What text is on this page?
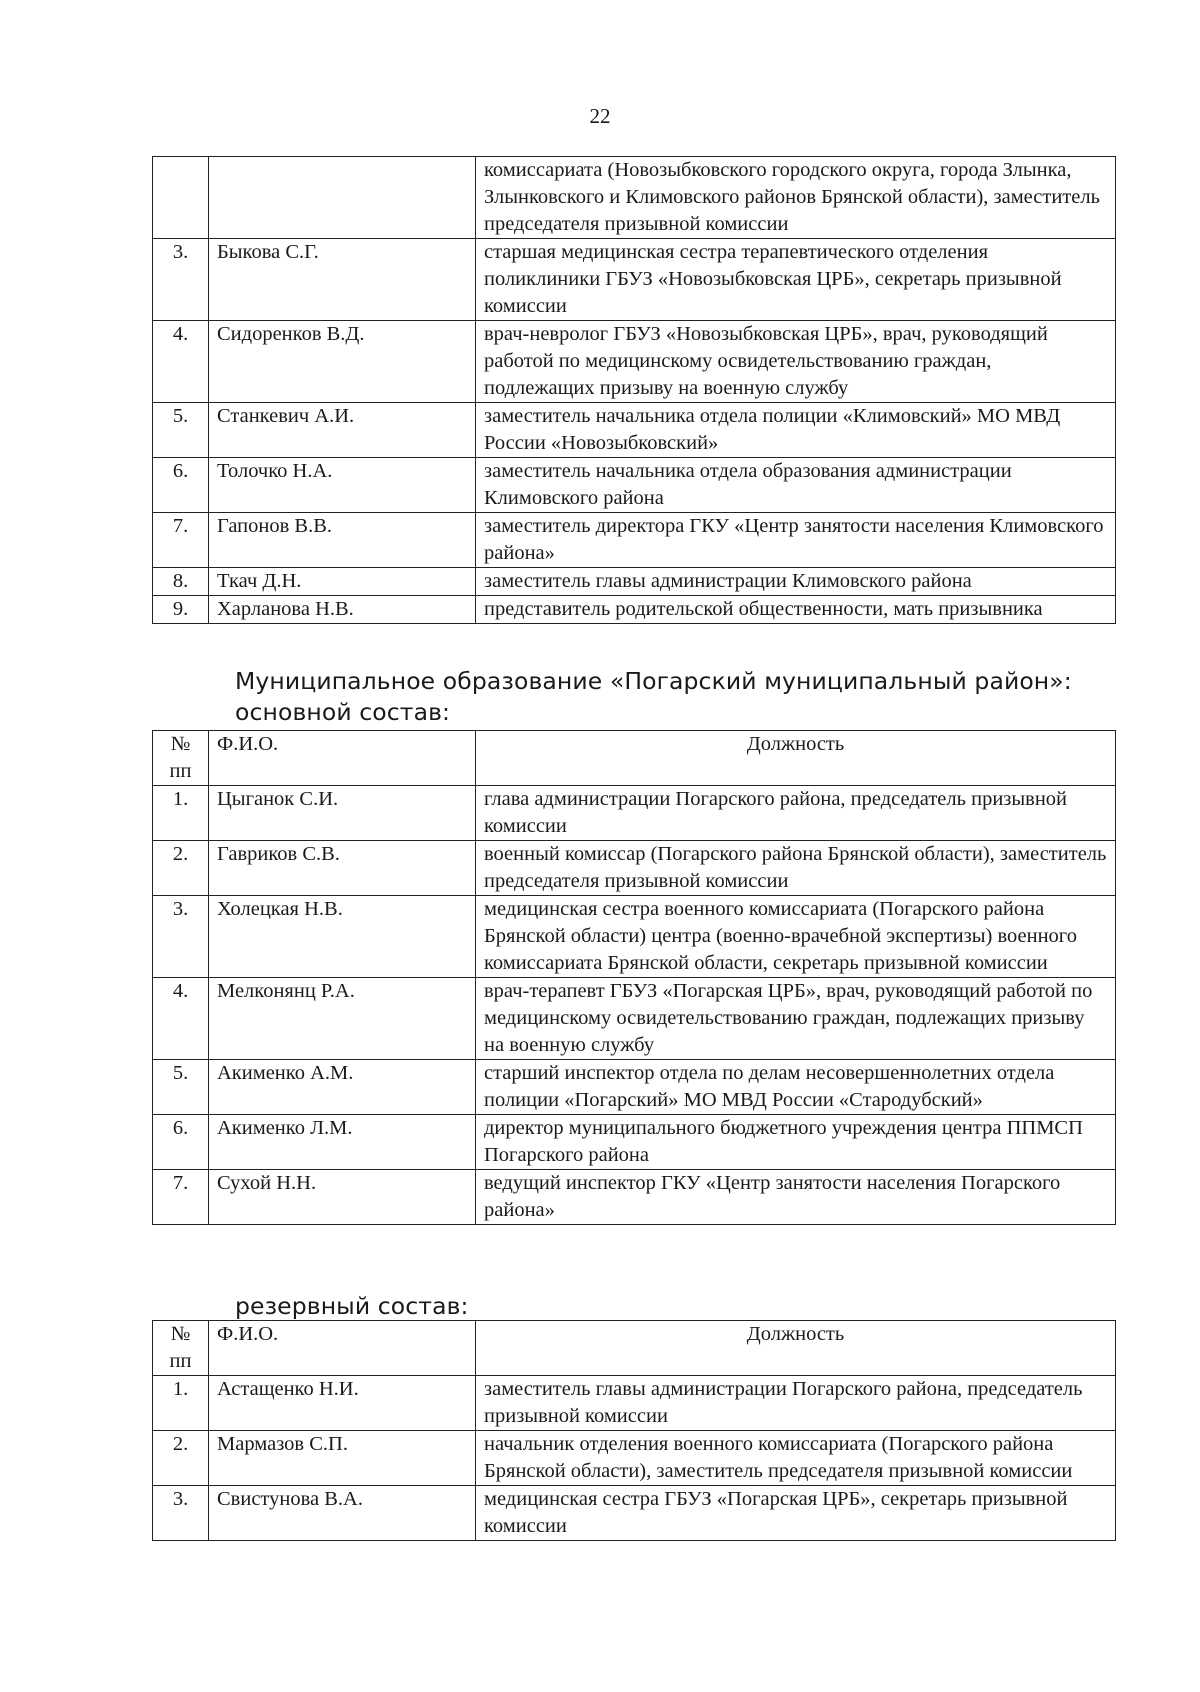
22
		комиссариата (Новозыбковского городского округа, города Злынка, Злынковского и Климовского районов Брянской области), заместитель председателя призывной комиссии
3.	Быкова С.Г.	старшая медицинская сестра терапевтического отделения поликлиники ГБУЗ «Новозыбковская ЦРБ», секретарь призывной комиссии
4.	Сидоренков В.Д.	врач-невролог ГБУЗ «Новозыбковская ЦРБ», врач, руководящий работой по медицинскому освидетельствованию граждан, подлежащих призыву на военную службу
5.	Станкевич А.И.	заместитель начальника отдела полиции «Климовский» МО МВД России «Новозыбковский»
6.	Толочко Н.А.	заместитель начальника отдела образования администрации Климовского района
7.	Гапонов В.В.	заместитель директора ГКУ «Центр занятости населения Климовского района»
8.	Ткач Д.Н.	заместитель главы администрации Климовского района
9.	Харланова Н.В.	представитель родительской общественности, мать призывника
Муниципальное образование «Погарский муниципальный район»:
основной состав:
№ пп	Ф.И.О.	Должность
1.	Цыганок С.И.	глава администрации Погарского района, председатель призывной комиссии
2.	Гавриков С.В.	военный комиссар (Погарского района Брянской области), заместитель председателя призывной комиссии
3.	Холецкая Н.В.	медицинская сестра военного комиссариата (Погарского района Брянской области) центра (военно-врачебной экспертизы) военного комиссариата Брянской области, секретарь призывной комиссии
4.	Мелконянц Р.А.	врач-терапевт ГБУЗ «Погарская ЦРБ», врач, руководящий работой по медицинскому освидетельствованию граждан, подлежащих призыву на военную службу
5.	Акименко А.М.	старший инспектор отдела по делам несовершеннолетних отдела полиции «Погарский» МО МВД России «Стародубский»
6.	Акименко Л.М.	директор муниципального бюджетного учреждения центра ППМСП Погарского района
7.	Сухой Н.Н.	ведущий инспектор ГКУ «Центр занятости населения Погарского района»
резервный состав:
№ пп	Ф.И.О.	Должность
1.	Астащенко Н.И.	заместитель главы администрации Погарского района, председатель призывной комиссии
2.	Мармазов С.П.	начальник отделения военного комиссариата (Погарского района Брянской области), заместитель председателя призывной комиссии
3.	Свистунова В.А.	медицинская сестра ГБУЗ «Погарская ЦРБ», секретарь призывной комиссии
